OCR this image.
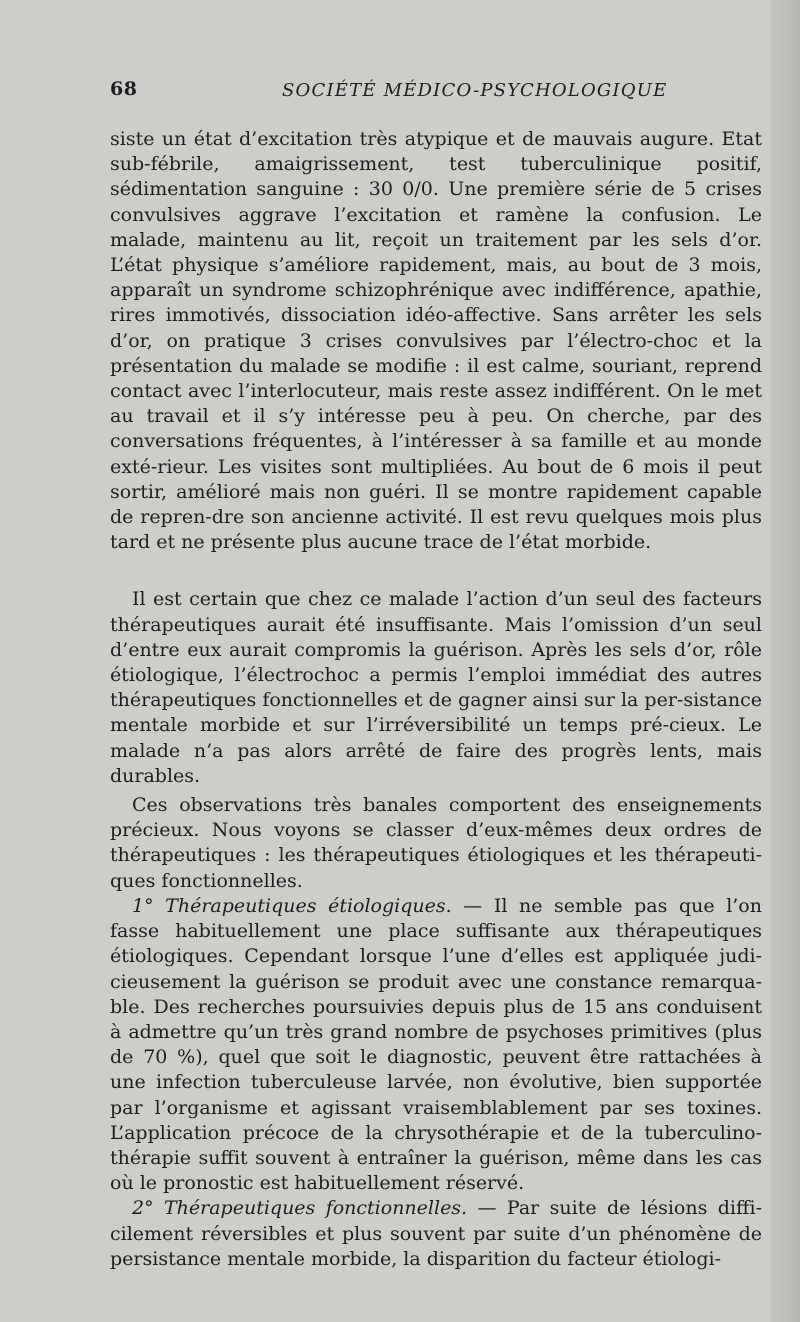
68	SOCIÉTÉ MÉDICO-PSYCHOLOGIQUE

siste un état d’excitation très atypique et de mauvais augure. Etat sub-fébrile, amaigrissement, test tuberculinique positif, sédimentation sanguine : 30 0/0. Une première série de 5 crises convulsives aggrave l’excitation et ramène la confusion. Le malade, maintenu au lit, reçoit un traitement par les sels d’or. L’état physique s’améliore rapidement, mais, au bout de 3 mois, apparaît un syndrome schizophrénique avec indifférence, apathie, rires immotivés, dissociation idéo-affective. Sans arrêter les sels d’or, on pratique 3 crises convulsives par l’électro-choc et la présentation du malade se modifie : il est calme, souriant, reprend contact avec l’interlocuteur, mais reste assez indifférent. On le met au travail et il s’y intéresse peu à peu. On cherche, par des conversations fréquentes, à l’intéresser à sa famille et au monde exté-rieur. Les visites sont multipliées. Au bout de 6 mois il peut sortir, amélioré mais non guéri. Il se montre rapidement capable de repren-dre son ancienne activité. Il est revu quelques mois plus tard et ne présente plus aucune trace de l’état morbide.

Il est certain que chez ce malade l’action d’un seul des facteurs thérapeutiques aurait été insuffisante. Mais l’omission d’un seul d’entre eux aurait compromis la guérison. Après les sels d’or, rôle étiologique, l’électrochoc a permis l’emploi immédiat des autres thérapeutiques fonctionnelles et de gagner ainsi sur la per-sistance mentale morbide et sur l’irréversibilité un temps pré-cieux. Le malade n’a pas alors arrêté de faire des progrès lents, mais durables.

Ces observations très banales comportent des enseignements précieux. Nous voyons se classer d’eux-mêmes deux ordres de thérapeutiques : les thérapeutiques étiologiques et les thérapeuti-ques fonctionnelles.

1° Thérapeutiques étiologiques. — Il ne semble pas que l’on fasse habituellement une place suffisante aux thérapeutiques étiologiques. Cependant lorsque l’une d’elles est appliquée judi-cieusement la guérison se produit avec une constance remarqua-ble. Des recherches poursuivies depuis plus de 15 ans conduisent à admettre qu’un très grand nombre de psychoses primitives (plus de 70 %), quel que soit le diagnostic, peuvent être rattachées à une infection tuberculeuse larvée, non évolutive, bien supportée par l’organisme et agissant vraisemblablement par ses toxines. L’application précoce de la chrysothérapie et de la tuberculino-thérapie suffit souvent à entraîner la guérison, même dans les cas où le pronostic est habituellement réservé.

2° Thérapeutiques fonctionnelles. — Par suite de lésions diffi-cilement réversibles et plus souvent par suite d’un phénomène de persistance mentale morbide, la disparition du facteur étiologi-
